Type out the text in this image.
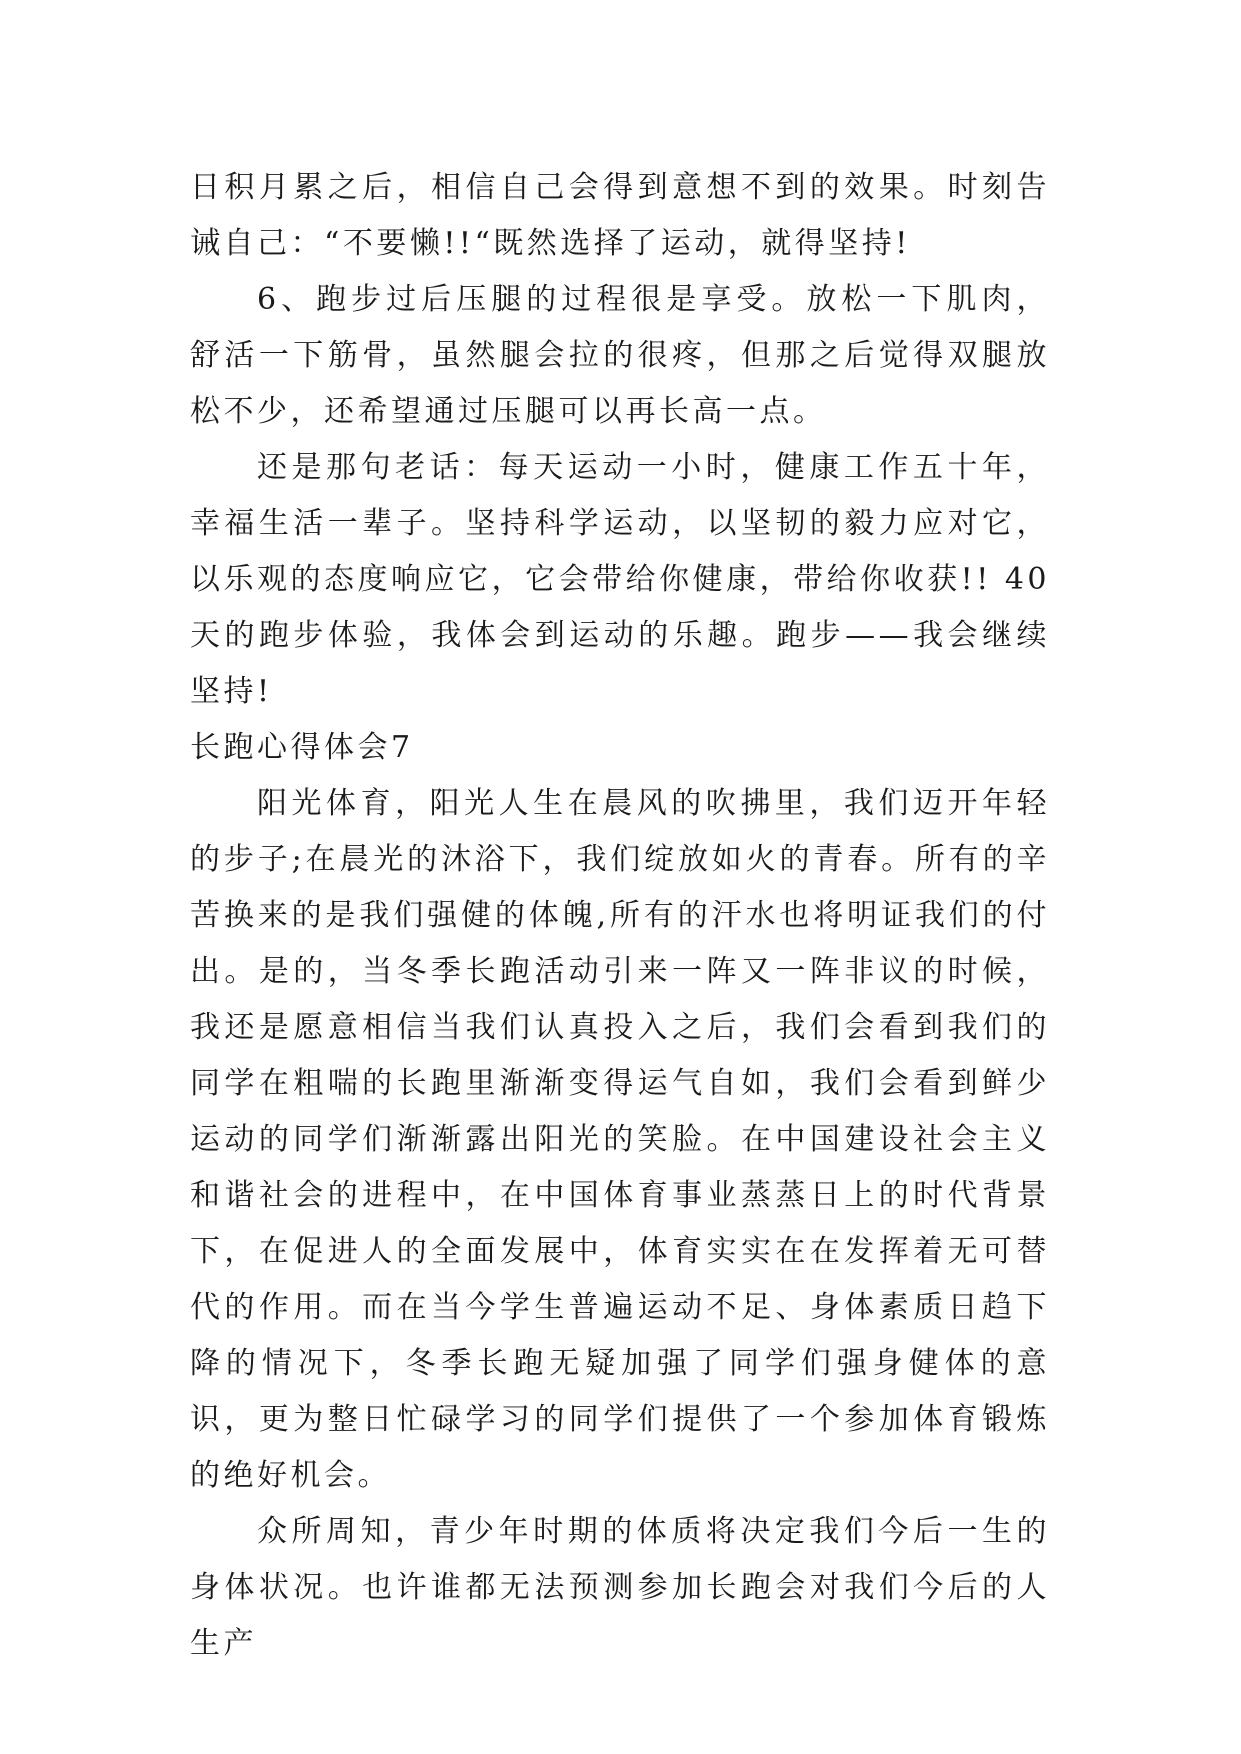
日积月累之后，相信自己会得到意想不到的效果。时刻告诫自己：“不要懒!!“既然选择了运动，就得坚持!

6、跑步过后压腿的过程很是享受。放松一下肌肉，舒活一下筋骨，虽然腿会拉的很疼，但那之后觉得双腿放松不少，还希望通过压腿可以再长高一点。

还是那句老话：每天运动一小时，健康工作五十年，幸福生活一辈子。坚持科学运动，以坚韧的毅力应对它，以乐观的态度响应它，它会带给你健康，带给你收获!! 40天的跑步体验，我体会到运动的乐趣。跑步——我会继续坚持!

长跑心得体会7

阳光体育，阳光人生在晨风的吹拂里，我们迈开年轻的步子;在晨光的沐浴下，我们绽放如火的青春。所有的辛苦换来的是我们强健的体魄,所有的汗水也将明证我们的付出。是的，当冬季长跑活动引来一阵又一阵非议的时候，我还是愿意相信当我们认真投入之后，我们会看到我们的同学在粗喘的长跑里渐渐变得运气自如，我们会看到鲜少运动的同学们渐渐露出阳光的笑脸。在中国建设社会主义和谐社会的进程中，在中国体育事业蒸蒸日上的时代背景下，在促进人的全面发展中，体育实实在在发挥着无可替代的作用。而在当今学生普遍运动不足、身体素质日趋下降的情况下，冬季长跑无疑加强了同学们强身健体的意识，更为整日忙碌学习的同学们提供了一个参加体育锻炼的绝好机会。

众所周知，青少年时期的体质将决定我们今后一生的身体状况。也许谁都无法预测参加长跑会对我们今后的人生产
